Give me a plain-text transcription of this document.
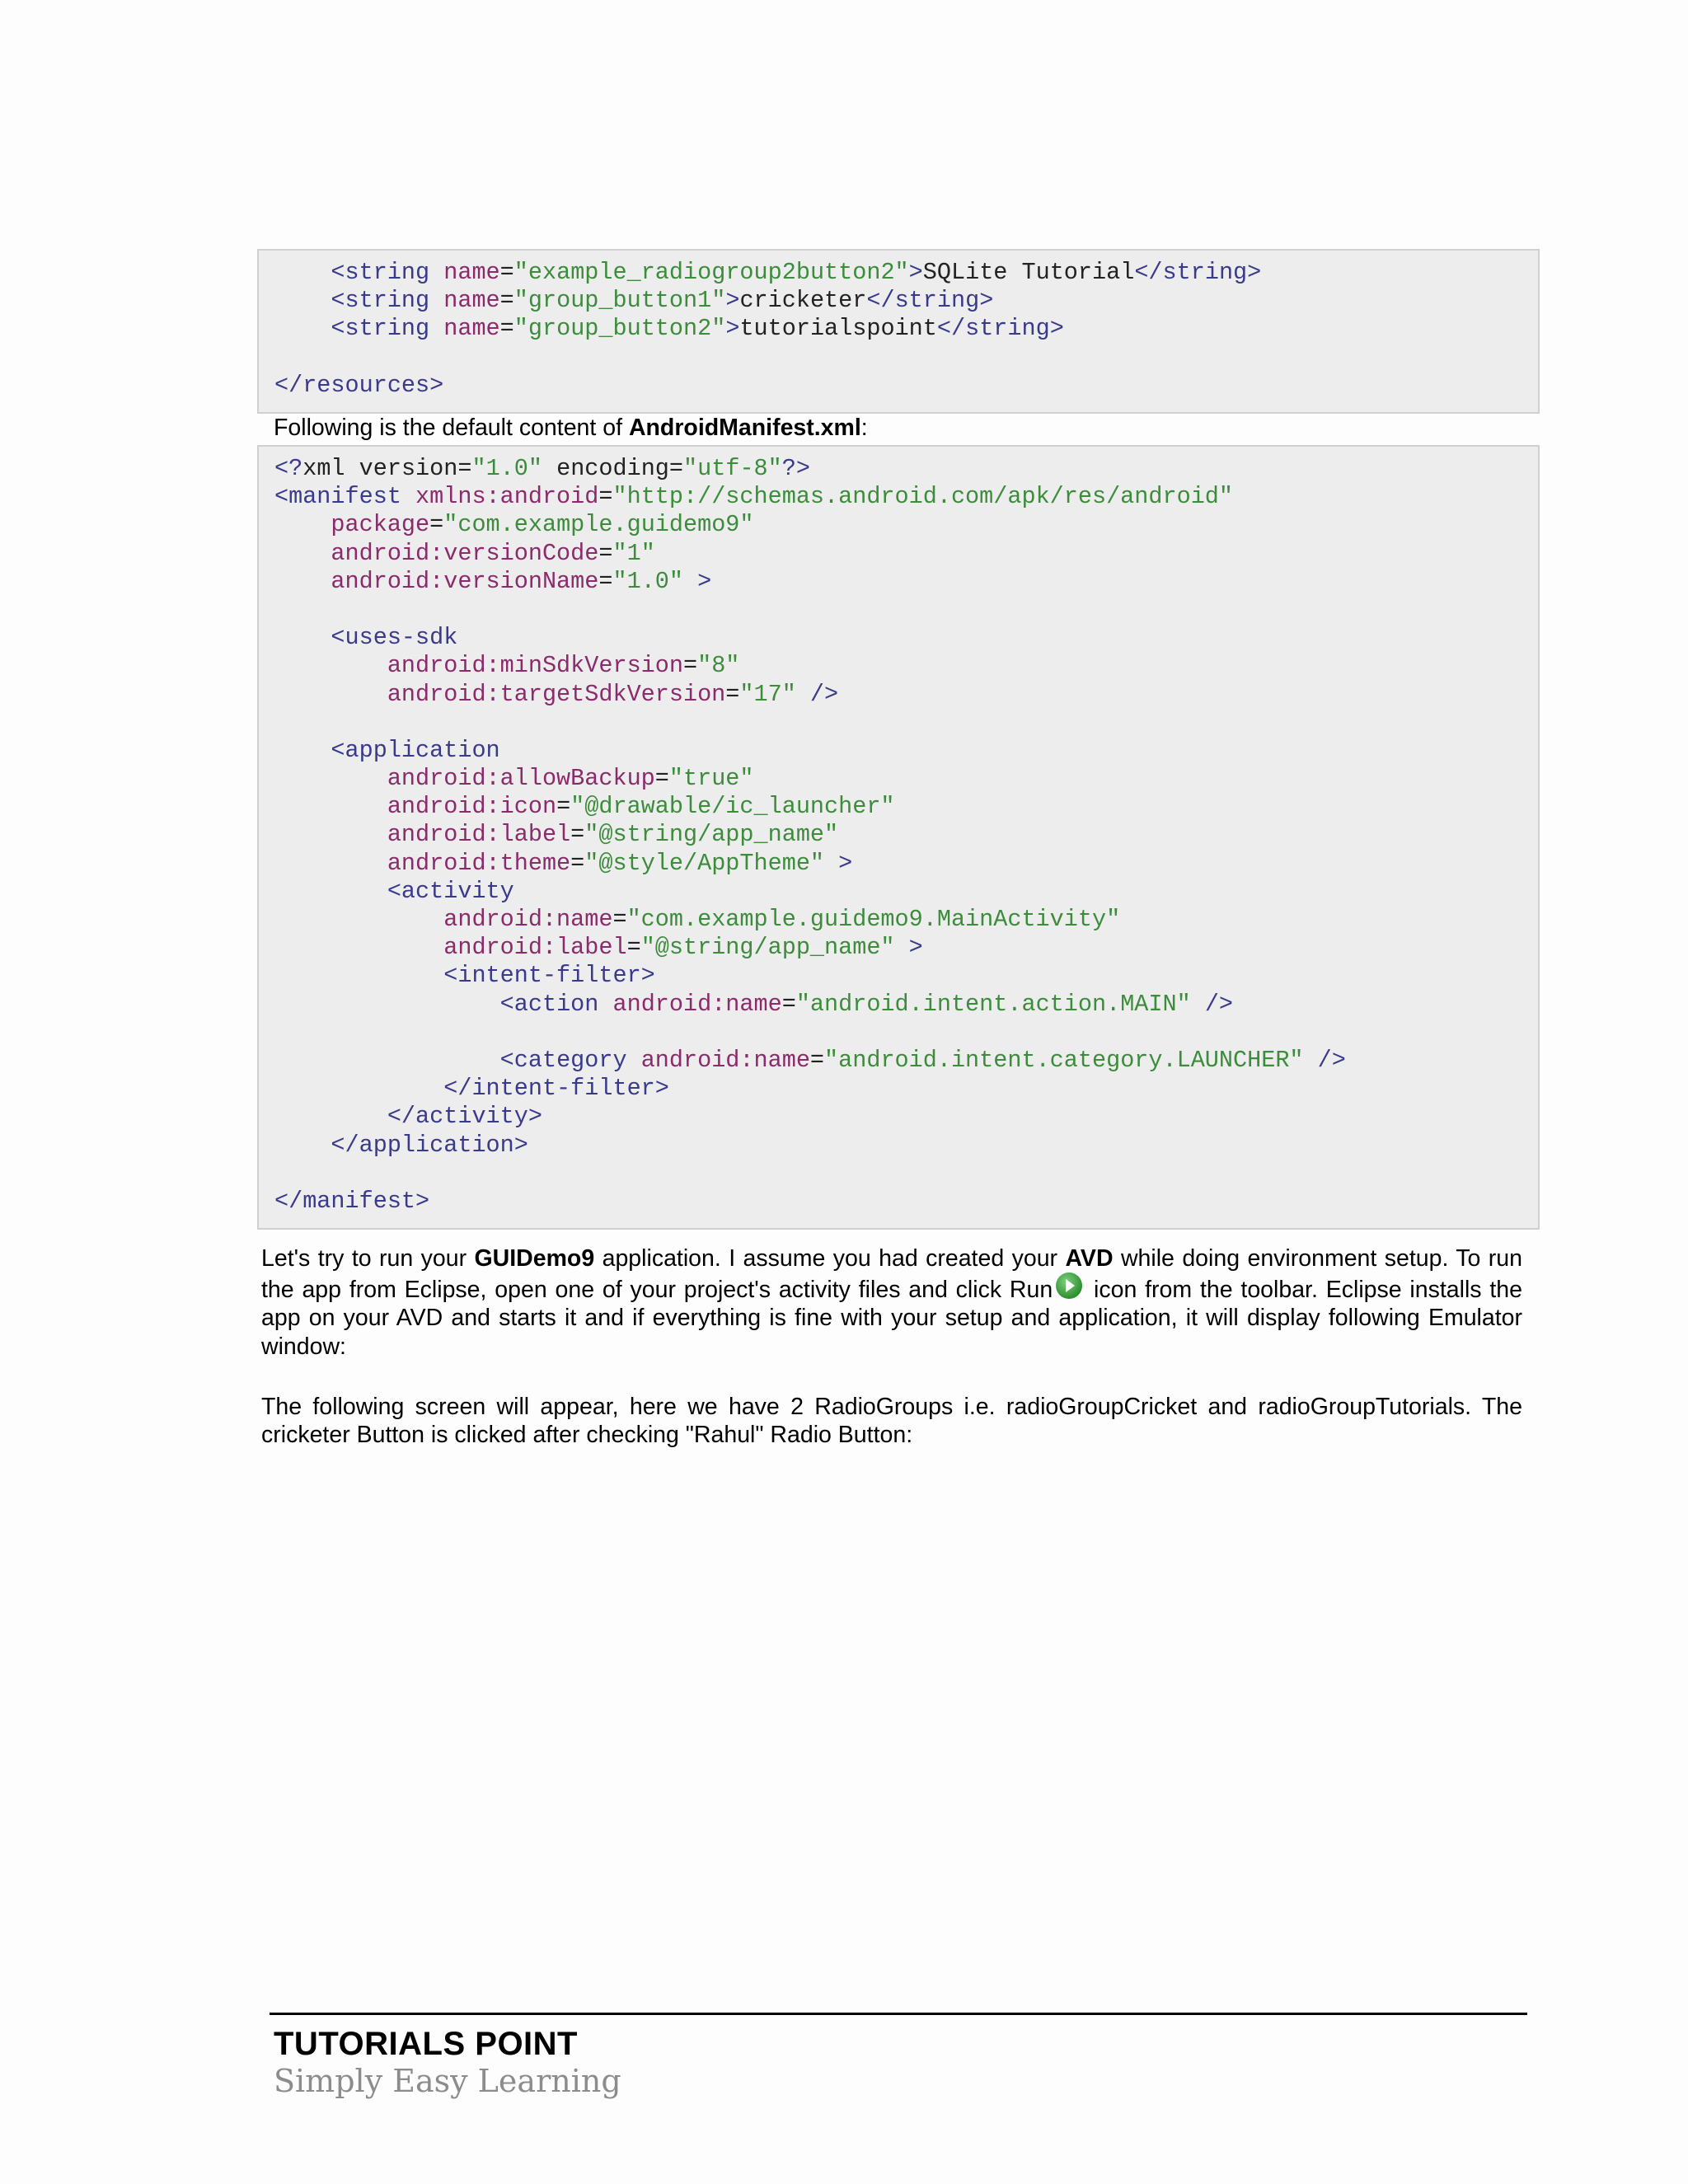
<string name="example_radiogroup2button2">SQLite Tutorial</string>
<string name="group_button1">cricketer</string>
<string name="group_button2">tutorialspoint</string>
</resources>
Following is the default content of AndroidManifest.xml:
<?xml version="1.0" encoding="utf-8"?>
<manifest xmlns:android="http://schemas.android.com/apk/res/android"
package="com.example.guidemo9"
android:versionCode="1"
android:versionName="1.0" >
<uses-sdk
android:minSdkVersion="8"
android:targetSdkVersion="17" />
<application
android:allowBackup="true"
android:icon="@drawable/ic_launcher"
android:label="@string/app_name"
android:theme="@style/AppTheme" >
<activity
android:name="com.example.guidemo9.MainActivity"
android:label="@string/app_name" >
<intent-filter>
<action android:name="android.intent.action.MAIN" />
<category android:name="android.intent.category.LAUNCHER" />
</intent-filter>
</activity>
</application>
</manifest>
Let's try to run your GUIDemo9 application. I assume you had created your AVD while doing environment setup. To run the app from Eclipse, open one of your project's activity files and click Run icon from the toolbar. Eclipse installs the app on your AVD and starts it and if everything is fine with your setup and application, it will display following Emulator window:
The following screen will appear, here we have 2 RadioGroups i.e. radioGroupCricket and radioGroupTutorials. The cricketer Button is clicked after checking "Rahul" Radio Button:
TUTORIALS POINT
Simply Easy Learning
